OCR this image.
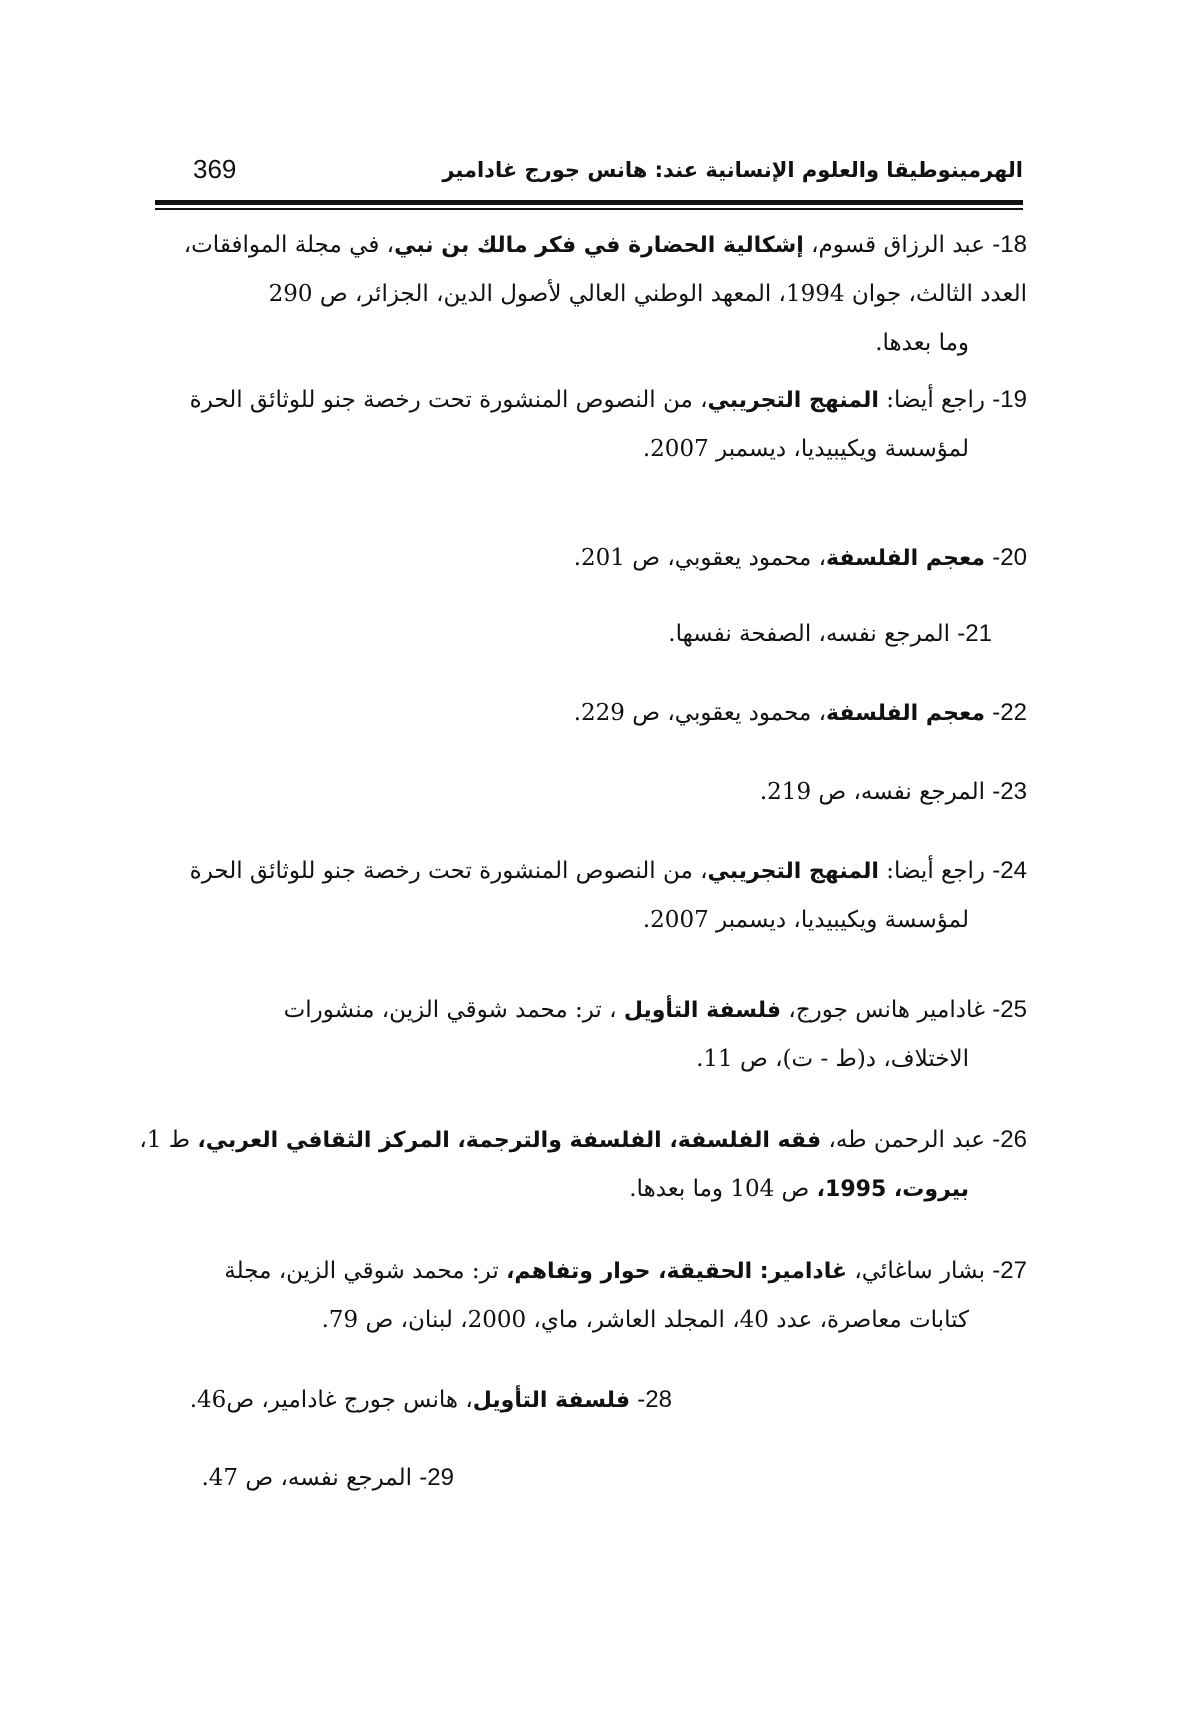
الهرمينوطيقا والعلوم الإنسانية عند: هانس جورج غادامير
369
18- عبد الرزاق قسوم، إشكالية الحضارة في فكر مالك بن نبي، في مجلة الموافقات،
العدد الثالث، جوان 1994، المعهد الوطني العالي لأصول الدين، الجزائر، ص 290
وما بعدها.
19- راجع أيضا: المنهج التجريبي، من النصوص المنشورة تحت رخصة جنو للوثائق الحرة
لمؤسسة ويكيبيديا، ديسمبر 2007.
20- معجم الفلسفة، محمود يعقوبي، ص 201.
21- المرجع نفسه، الصفحة نفسها.
22- معجم الفلسفة، محمود يعقوبي، ص 229.
23- المرجع نفسه، ص 219.
24- راجع أيضا: المنهج التجريبي، من النصوص المنشورة تحت رخصة جنو للوثائق الحرة
لمؤسسة ويكيبيديا، ديسمبر 2007.
25- غادامير هانس جورج، فلسفة التأويل ، تر: محمد شوقي الزين، منشورات
الاختلاف، د(ط - ت)، ص 11.
26- عبد الرحمن طه، فقه الفلسفة، الفلسفة والترجمة، المركز الثقافي العربي، ط 1،
بيروت، 1995، ص 104 وما بعدها.
27- بشار ساغائي، غادامير: الحقيقة، حوار وتفاهم، تر: محمد شوقي الزين، مجلة
كتابات معاصرة، عدد 40، المجلد العاشر، ماي، 2000، لبنان، ص 79.
28- فلسفة التأويل، هانس جورج غادامير، ص46.
29- المرجع نفسه، ص 47.
